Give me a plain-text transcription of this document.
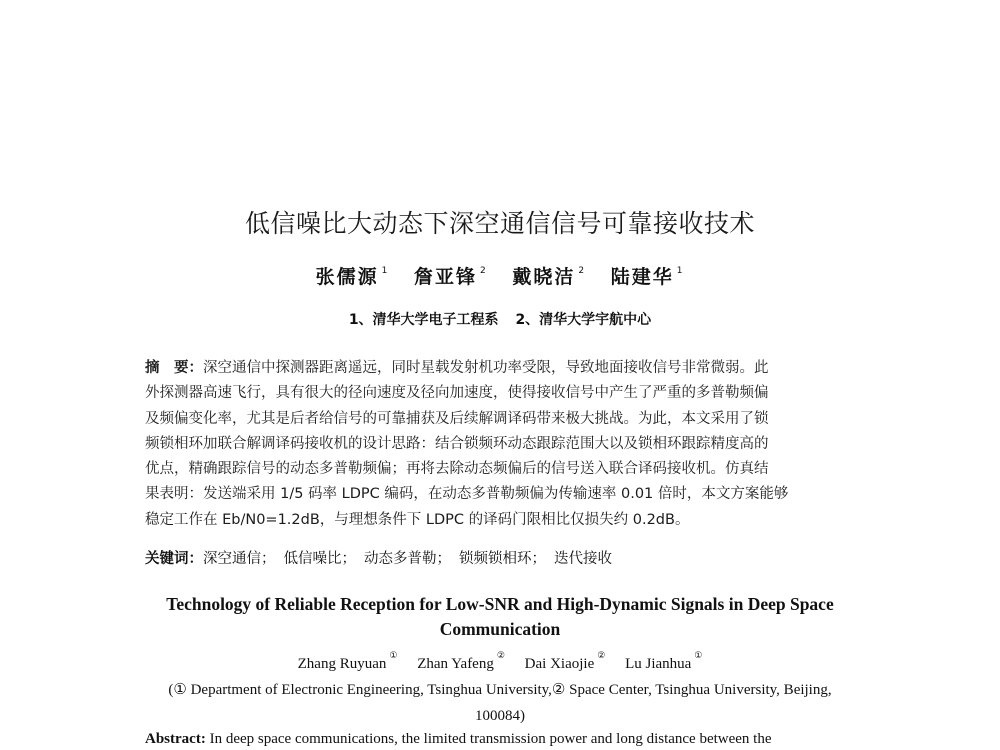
低信噪比大动态下深空通信信号可靠接收技术
张儒源 $^1$ 詹亚锋 $^2$ 戴晓洁 $^2$ 陆建华 $^1$
1、清华大学电子工程系 2、清华大学宇航中心
摘　要：深空通信中探测器距离遥远，同时星载发射机功率受限，导致地面接收信号非常微弱。此
外探测器高速飞行，具有很大的径向速度及径向加速度，使得接收信号中产生了严重的多普勒频偏
及频偏变化率，尤其是后者给信号的可靠捕获及后续解调译码带来极大挑战。为此，本文采用了锁
频锁相环加联合解调译码接收机的设计思路：结合锁频环动态跟踪范围大以及锁相环跟踪精度高的
优点，精确跟踪信号的动态多普勒频偏；再将去除动态频偏后的信号送入联合译码接收机。仿真结
果表明：发送端采用 1/5 码率 LDPC 编码，在动态多普勒频偏为传输速率 0.01 倍时，本文方案能够
稳定工作在 Eb/N0=1.2dB，与理想条件下 LDPC 的译码门限相比仅损失约 0.2dB。
关键词：深空通信； 低信噪比； 动态多普勒； 锁频锁相环； 迭代接收
Technology of Reliable Reception for Low-SNR and High-Dynamic Signals in Deep Space Communication
Zhang Ruyuan① Zhan Yafeng② Dai Xiaojie② Lu Jianhua①
(① Department of Electronic Engineering, Tsinghua University,② Space Center, Tsinghua University, Beijing, 100084)
Abstract: In deep space communications, the limited transmission power and long distance between the
